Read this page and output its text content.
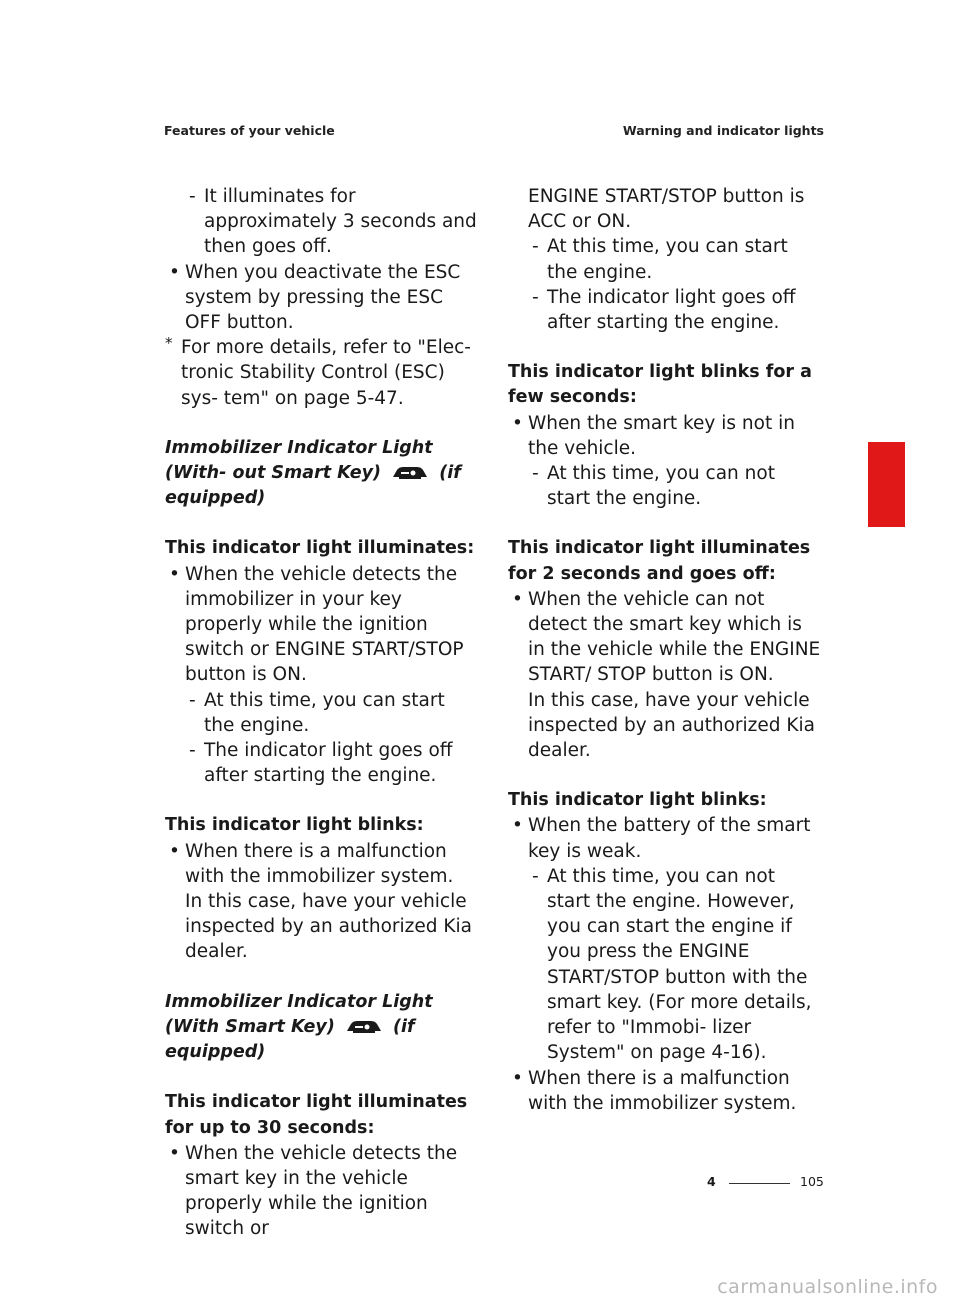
Features of your vehicle	Warning and indicator lights

- It illuminates for approximately 3 seconds and then goes off.

• When you deactivate the ESC system by pressing the ESC OFF button.

* For more details, refer to "Elec- tronic Stability Control (ESC) sys- tem" on page 5-47.

Immobilizer Indicator Light (With- out Smart Key)	(if equipped)

This indicator light illuminates:

• When the vehicle detects the immobilizer in your key properly while the ignition switch or ENGINE START/STOP button is ON.

- At this time, you can start the engine.

- The indicator light goes off after starting the engine.

This indicator light blinks:

• When there is a malfunction with the immobilizer system.

In this case, have your vehicle inspected by an authorized Kia dealer.

Immobilizer Indicator Light (With Smart Key)	(if equipped)

This indicator light illuminates for up to 30 seconds:

• When the vehicle detects the smart key in the vehicle properly while the ignition switch or

ENGINE START/STOP button is ACC or ON.

- At this time, you can start the engine.

- The indicator light goes off after starting the engine.

This indicator light blinks for a few seconds:

• When the smart key is not in the vehicle.

- At this time, you can not start the engine.

This indicator light illuminates for 2 seconds and goes off:

• When the vehicle can not detect the smart key which is in the vehicle while the ENGINE START/ STOP button is ON.

In this case, have your vehicle inspected by an authorized Kia dealer.

This indicator light blinks:

• When the battery of the smart key is weak.

- At this time, you can not start the engine. However, you can start the engine if you press the ENGINE START/STOP button with the smart key. (For more details, refer to "Immobi- lizer System" on page 4-16).

• When there is a malfunction with the immobilizer system.

4
4	105
carmanualsonline.info
